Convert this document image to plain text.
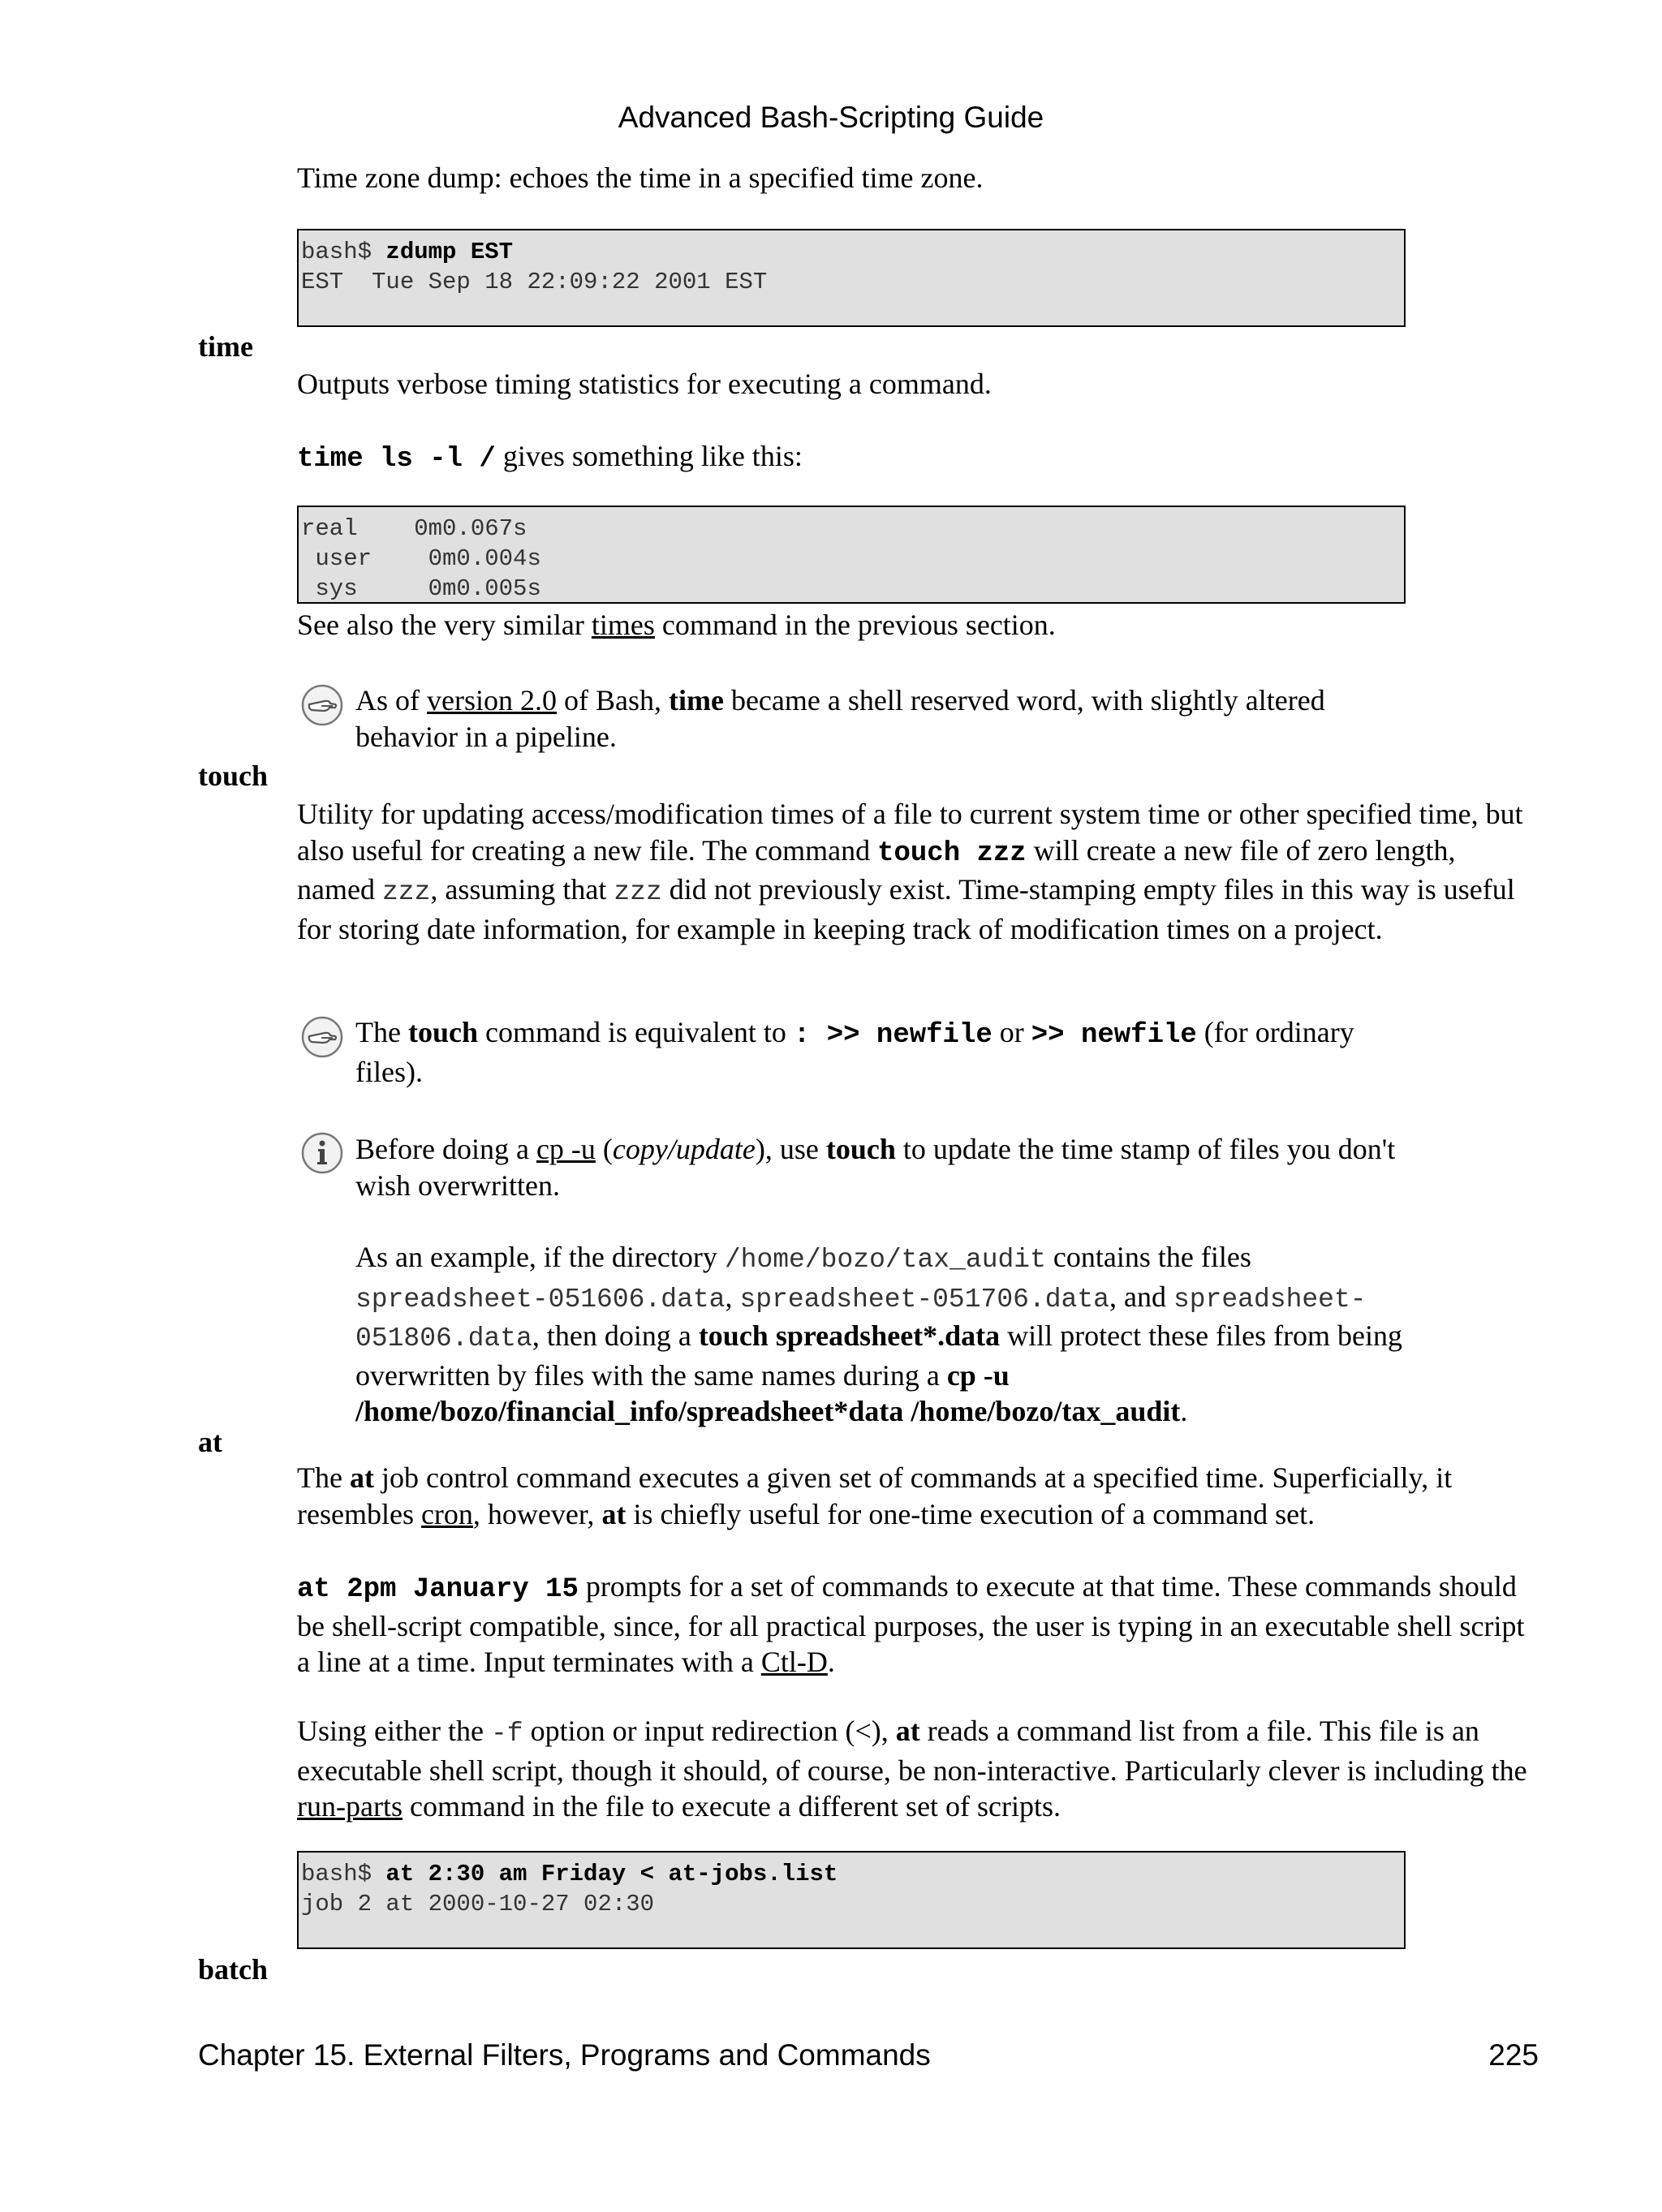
Advanced Bash-Scripting Guide

Time zone dump: echoes the time in a specified time zone.

bash$ zdump EST
EST  Tue Sep 18 22:09:22 2001 EST
time

Outputs verbose timing statistics for executing a command.

time ls -l / gives something like this:

real    0m0.067s
user    0m0.004s
sys     0m0.005s

See also the very similar times command in the previous section.

As of version 2.0 of Bash, time became a shell reserved word, with slightly altered behavior in a pipeline.

touch

Utility for updating access/modification times of a file to current system time or other specified time, but also useful for creating a new file. The command touch zzz will create a new file of zero length, named zzz, assuming that zzz did not previously exist. Time-stamping empty files in this way is useful for storing date information, for example in keeping track of modification times on a project.

The touch command is equivalent to : >> newfile or >> newfile (for ordinary files).

Before doing a cp -u (copy/update), use touch to update the time stamp of files you don't wish overwritten.

As an example, if the directory /home/bozo/tax_audit contains the files spreadsheet-051606.data, spreadsheet-051706.data, and spreadsheet-051806.data, then doing a touch spreadsheet*.data will protect these files from being overwritten by files with the same names during a cp -u /home/bozo/financial_info/spreadsheet*data /home/bozo/tax_audit.

at

The at job control command executes a given set of commands at a specified time. Superficially, it resembles cron, however, at is chiefly useful for one-time execution of a command set.

at 2pm January 15 prompts for a set of commands to execute at that time. These commands should be shell-script compatible, since, for all practical purposes, the user is typing in an executable shell script a line at a time. Input terminates with a Ctl-D.

Using either the -f option or input redirection (<), at reads a command list from a file. This file is an executable shell script, though it should, of course, be non-interactive. Particularly clever is including the run-parts command in the file to execute a different set of scripts.

bash$ at 2:30 am Friday < at-jobs.list
job 2 at 2000-10-27 02:30
batch
Chapter 15. External Filters, Programs and Commands	225
